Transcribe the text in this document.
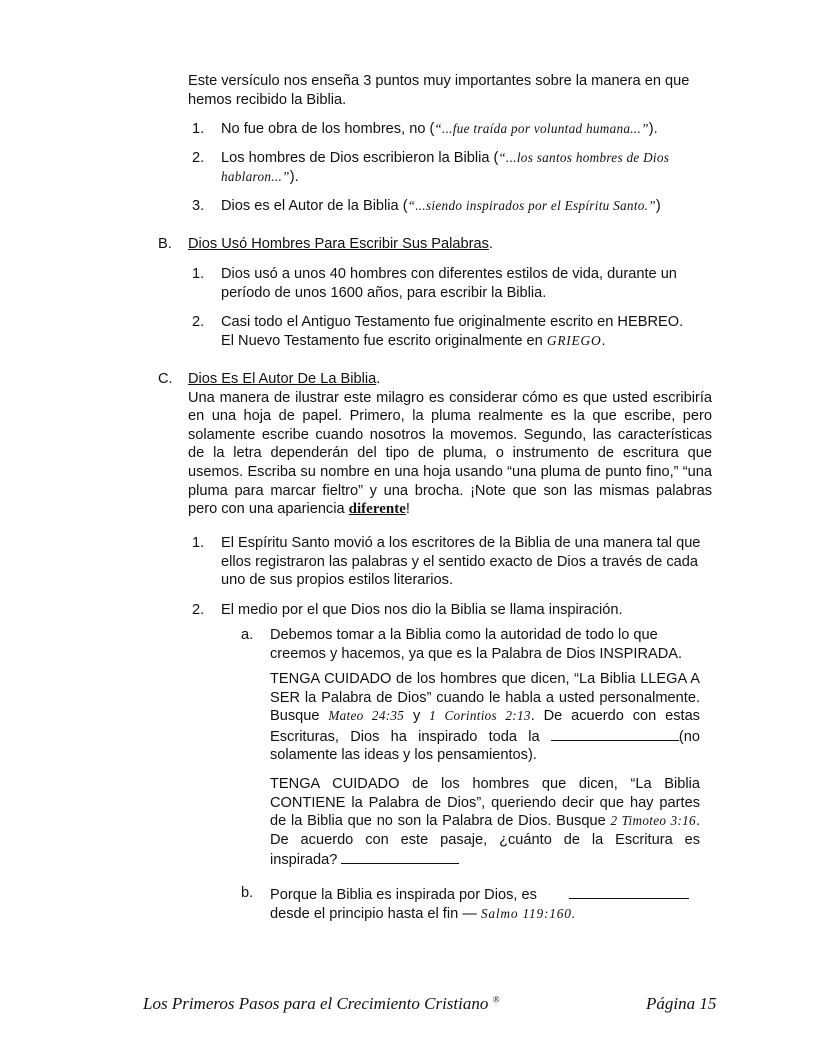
Este versículo nos enseña 3 puntos muy importantes sobre la manera en que
hemos recibido la Biblia.
1. No fue obra de los hombres, no (“...fue traída por voluntad humana...”).
2. Los hombres de Dios escribieron la Biblia (“...los santos hombres de Dios
hablaron...”).
3. Dios es el Autor de la Biblia (“...siendo inspirados por el Espíritu Santo.”)
B. Dios Usó Hombres Para Escribir Sus Palabras.
1. Dios usó a unos 40 hombres con diferentes estilos de vida, durante un
período de unos 1600 años, para escribir la Biblia.
2. Casi todo el Antiguo Testamento fue originalmente escrito en HEBREO.
El Nuevo Testamento fue escrito originalmente en GRIEGO.
C. Dios Es El Autor De La Biblia.
Una manera de ilustrar este milagro es considerar cómo es que usted escribiría en una hoja de papel. Primero, la pluma realmente es la que escribe, pero solamente escribe cuando nosotros la movemos. Segundo, las características de la letra dependerán del tipo de pluma, o instrumento de escritura que usemos. Escriba su nombre en una hoja usando “una pluma de punto fino,” “una pluma para marcar fieltro” y una brocha. ¡Note que son las mismas palabras pero con una apariencia diferente!
1. El Espíritu Santo movió a los escritores de la Biblia de una manera tal que ellos registraron las palabras y el sentido exacto de Dios a través de cada uno de sus propios estilos literarios.
2. El medio por el que Dios nos dio la Biblia se llama inspiración.
a. Debemos tomar a la Biblia como la autoridad de todo lo que
creemos y hacemos, ya que es la Palabra de Dios INSPIRADA.
TENGA CUIDADO de los hombres que dicen, “La Biblia LLEGA A SER la Palabra de Dios” cuando le habla a usted personalmente. Busque Mateo 24:35 y 1 Corintios 2:13. De acuerdo con estas Escrituras, Dios ha inspirado toda la	(no solamente las ideas y los pensamientos).
TENGA CUIDADO de los hombres que dicen, “La Biblia CONTIENE la Palabra de Dios”, queriendo decir que hay partes de la Biblia que no son la Palabra de Dios. Busque 2 Timoteo 3:16. De acuerdo con este pasaje, ¿cuánto de la Escritura es inspirada?
b. Porque la Biblia es inspirada por Dios, es
desde el principio hasta el fin — Salmo 119:160.
Los Primeros Pasos para el Crecimiento Cristiano ®	Página 15
